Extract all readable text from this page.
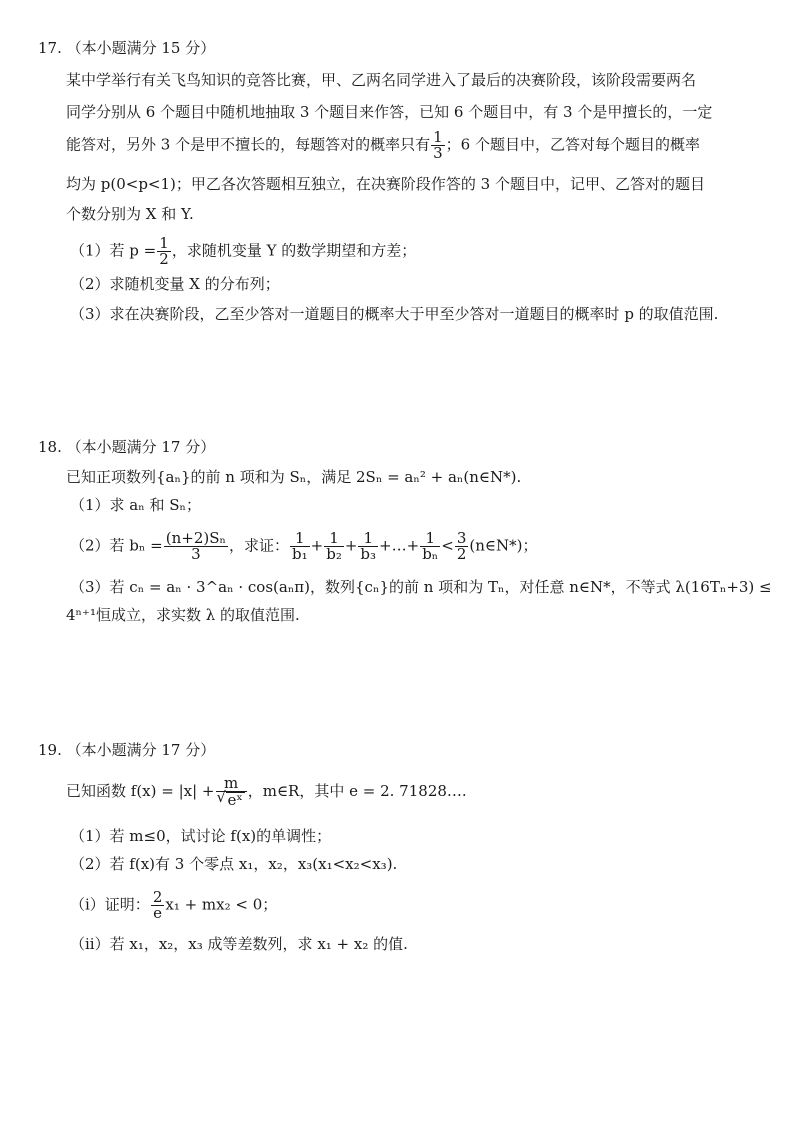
17. （本小题满分 15 分）
某中学举行有关飞鸟知识的竞答比赛，甲、乙两名同学进入了最后的决赛阶段，该阶段需要两名
同学分别从 6 个题目中随机地抽取 3 个题目来作答，已知 6 个题目中，有 3 个是甲擅长的，一定
能答对，另外 3 个是甲不擅长的，每题答对的概率只有 $\frac{1}{3}$ ；6 个题目中，乙答对每个题目的概率
均为 p(0<p<1)；甲乙各次答题相互独立，在决赛阶段作答的 3 个题目中，记甲、乙答对的题目
个数分别为 X 和 Y.
（1）若 $p = \frac{1}{2}$ ，求随机变量 Y 的数学期望和方差；
（2）求随机变量 X 的分布列；
（3）求在决赛阶段，乙至少答对一道题目的概率大于甲至少答对一道题目的概率时 p 的取值范围.
18. （本小题满分 17 分）
已知正项数列{aₙ}的前 n 项和为 Sₙ，满足 2Sₙ = aₙ² + aₙ(n∈N*).
（1）求 aₙ 和 Sₙ；
（2）若 $b_n = \frac{\text{(n+2)Sₙ}}{3}$ ，求证： $\frac{1}{\text{b₁}} + \frac{1}{\text{b₂}} + \frac{1}{\text{b₃}}$ +…+ $\frac{1}{\text{bₙ}} < \frac{3}{2}$ (n∈N*)；
（3）若 cₙ = aₙ · 3^aₙ · cos(aₙπ)，数列{cₙ}的前 n 项和为 Tₙ，对任意 n∈N*，不等式 λ(16Tₙ+3) ≤
4ⁿ⁺¹恒成立，求实数 λ 的取值范围.
19. （本小题满分 17 分）
已知函数 f(x) = |x| + m
√ eˣ ，m∈R，其中 e = 2. 71828….
（1）若 m≤0，试讨论 f(x)的单调性；
（2）若 f(x)有 3 个零点 x₁，x₂，x₃(x₁<x₂<x₃).
（i）证明： $\frac{2}{e} x_1 + mx_2 < 0$；
（ii）若 x₁，x₂，x₃ 成等差数列，求 x₁ + x₂ 的值.
